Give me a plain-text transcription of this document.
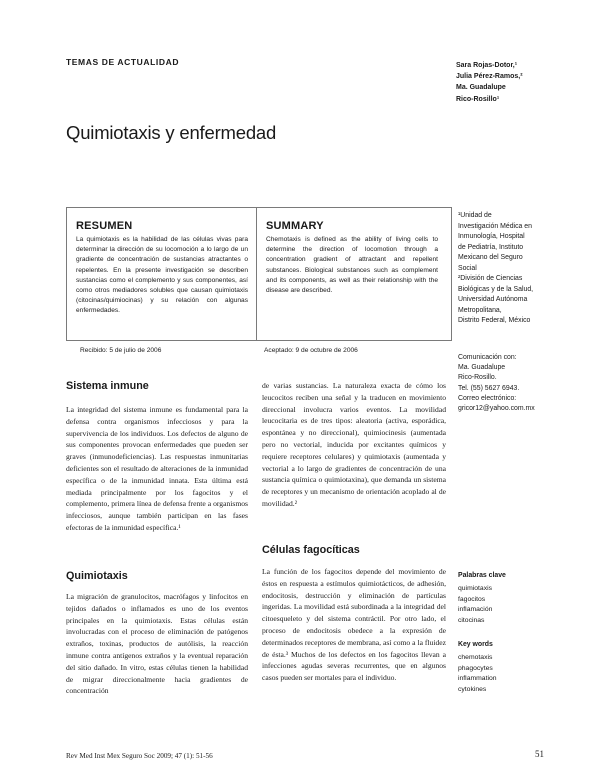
TEMAS DE ACTUALIDAD	Sara Rojas-Dotor,¹
Julia Pérez-Ramos,²
Ma. Guadalupe
Rico-Rosillo¹
Quimiotaxis y enfermedad
RESUMEN
La quimiotaxis es la habilidad de las células vivas para determinar la dirección de su locomoción a lo largo de un gradiente de concentración de sustancias atractantes o repelentes. En la presente investigación se describen sustancias como el complemento y sus componentes, así como otros mediadores solubles que causan quimiotaxis (citocinas/quimiocinas) y su relación con algunas enfermedades.
SUMMARY
Chemotaxis is defined as the ability of living cells to determine the direction of locomotion through a concentration gradient of attractant and repellent substances. Biological substances such as complement and its components, as well as their relationship with the disease are described.
Recibido: 5 de julio de 2006	Aceptado: 9 de octubre de 2006
¹Unidad de
Investigación Médica en
Inmunología, Hospital
de Pediatría, Instituto
Mexicano del Seguro
Social
²División de Ciencias
Biológicas y de la Salud,
Universidad Autónoma
Metropolitana,
Distrito Federal, México
Comunicación con:
Ma. Guadalupe
Rico-Rosillo.
Tel. (55) 5627 6943.
Correo electrónico:
gricor12@yahoo.com.mx
Sistema inmune
La integridad del sistema inmune es fundamental para la defensa contra organismos infecciosos y para la supervivencia de los individuos. Los defectos de alguno de sus componentes provocan enfermedades que pueden ser graves (inmunodeficiencias). Las respuestas inmunitarias deficientes son el resultado de alteraciones de la inmunidad específica o de la inmunidad innata. Esta última está mediada principalmente por los fagocitos y el complemento, primera línea de defensa frente a organismos infecciosos, aunque también participan en las fases efectoras de la inmunidad específica.¹
Quimiotaxis
La migración de granulocitos, macrófagos y linfocitos en tejidos dañados o inflamados es uno de los eventos principales en la quimiotaxis. Estas células están involucradas con el proceso de eliminación de patógenos extraños, toxinas, productos de autólisis, la reacción inmune contra antígenos extraños y la eventual reparación del sitio dañado. In vitro, estas células tienen la habilidad de migrar direccionalmente hacia gradientes de concentración
de varias sustancias. La naturaleza exacta de cómo los leucocitos reciben una señal y la traducen en movimiento direccional involucra varios eventos. La movilidad leucocitaria es de tres tipos: aleatoria (activa, esporádica, espontánea y no direccional), quimiocinesis (aumentada pero no vectorial, inducida por excitantes químicos y requiere receptores celulares) y quimiotaxis (aumentada y vectorial a lo largo de gradientes de concentración de una sustancia química o quimiotaxina), que demanda un sistema de receptores y un mecanismo de orientación acoplado al de movilidad.²
Células fagocíticas
La función de los fagocitos depende del movimiento de éstos en respuesta a estímulos quimiotácticos, de adhesión, endocitosis, destrucción y eliminación de partículas ingeridas. La movilidad está subordinada a la integridad del citoesqueleto y del sistema contráctil. Por otro lado, el proceso de endocitosis obedece a la expresión de determinados receptores de membrana, así como a la fluidez de ésta.³ Muchos de los defectos en los fagocitos llevan a infecciones agudas severas recurrentes, que en algunos casos pueden ser mortales para el individuo.
Palabras clave
quimiotaxis
fagocitos
inflamación
citocinas
Key words
chemotaxis
phagocytes
inflammation
cytokines
Rev Med Inst Mex Seguro Soc 2009; 47 (1): 51-56	51
